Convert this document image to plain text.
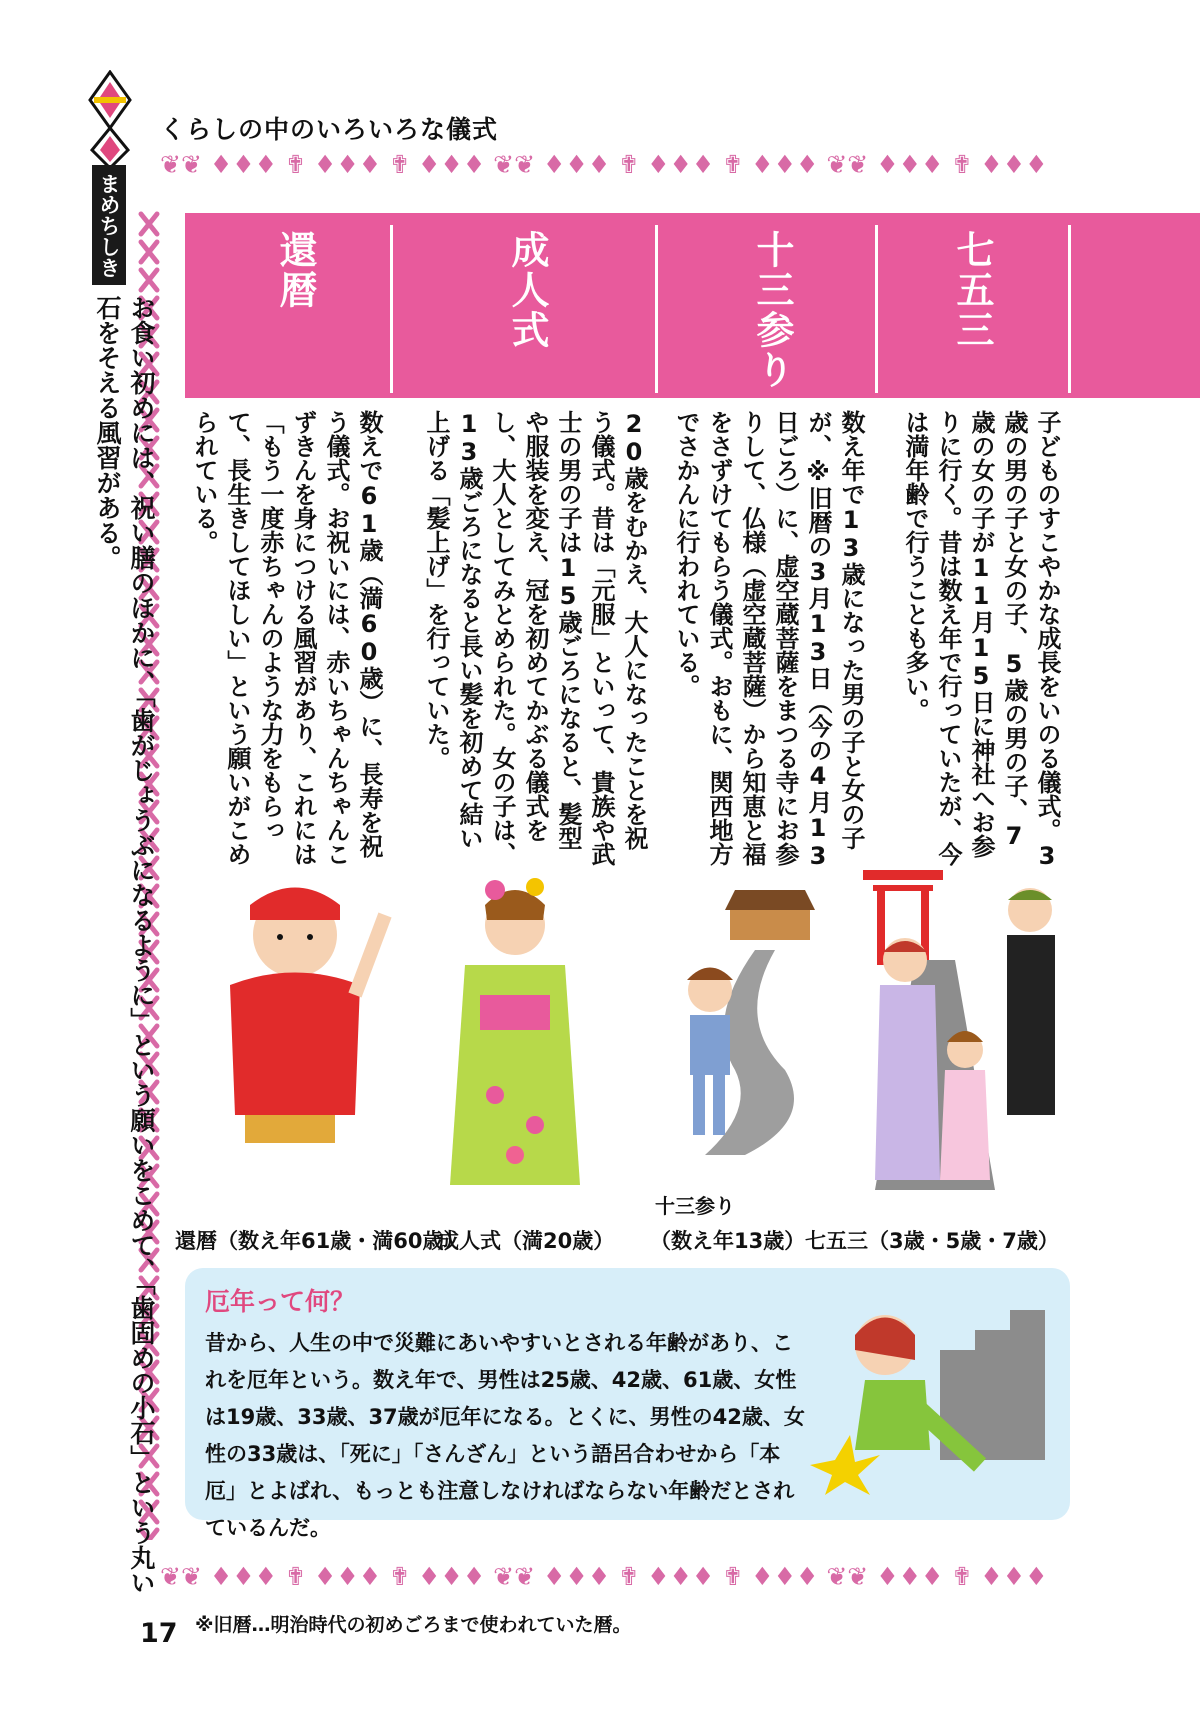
くらしの中のいろいろな儀式
❦❦ ♦♦♦ ✟ ♦♦♦ ✟ ♦♦♦ ❦❦ ♦♦♦ ✟ ♦♦♦ ✟ ♦♦♦ ❦❦ ♦♦♦ ✟ ♦♦♦
まめちしき
お食い初めには、祝い膳のほかに、「歯がじょうぶになるように」という願いをこめて、「歯固めの小石」という丸い石をそえる風習がある。
七五三
十三参り
成人式
還暦
子どものすこやかな成長をいのる儀式。3歳の男の子と女の子、5歳の男の子、7歳の女の子が11月15日に神社へお参りに行く。昔は数え年で行っていたが、今は満年齢で行うことも多い。
数え年で13歳になった男の子と女の子が、※旧暦の3月13日（今の4月13日ごろ）に、虚空蔵菩薩をまつる寺にお参りして、仏様（虚空蔵菩薩）から知恵と福をさずけてもらう儀式。おもに、関西地方でさかんに行われている。
20歳をむかえ、大人になったことを祝う儀式。昔は「元服」といって、貴族や武士の男の子は15歳ごろになると、髪型や服装を変え、冠を初めてかぶる儀式をし、大人としてみとめられた。女の子は、13歳ごろになると長い髪を初めて結い上げる「髪上げ」を行っていた。
数えで61歳（満60歳）に、長寿を祝う儀式。お祝いには、赤いちゃんちゃんこずきんを身につける風習があり、これには「もう一度赤ちゃんのような力をもらって、長生きしてほしい」という願いがこめられている。
還暦（数え年61歳・満60歳）
成人式（満20歳）
十三参り
（数え年13歳） 七五三（3歳・5歳・7歳）
厄年って何？
昔から、人生の中で災難にあいやすいとされる年齢があり、これを厄年という。数え年で、男性は25歳、42歳、61歳、女性は19歳、33歳、37歳が厄年になる。とくに、男性の42歳、女性の33歳は、「死に」「さんざん」という語呂合わせから「本厄」とよばれ、もっとも注意しなければならない年齢だとされているんだ。
❦❦ ♦♦♦ ✟ ♦♦♦ ✟ ♦♦♦ ❦❦ ♦♦♦ ✟ ♦♦♦ ✟ ♦♦♦ ❦❦ ♦♦♦ ✟ ♦♦♦
※旧暦…明治時代の初めごろまで使われていた暦。
17
